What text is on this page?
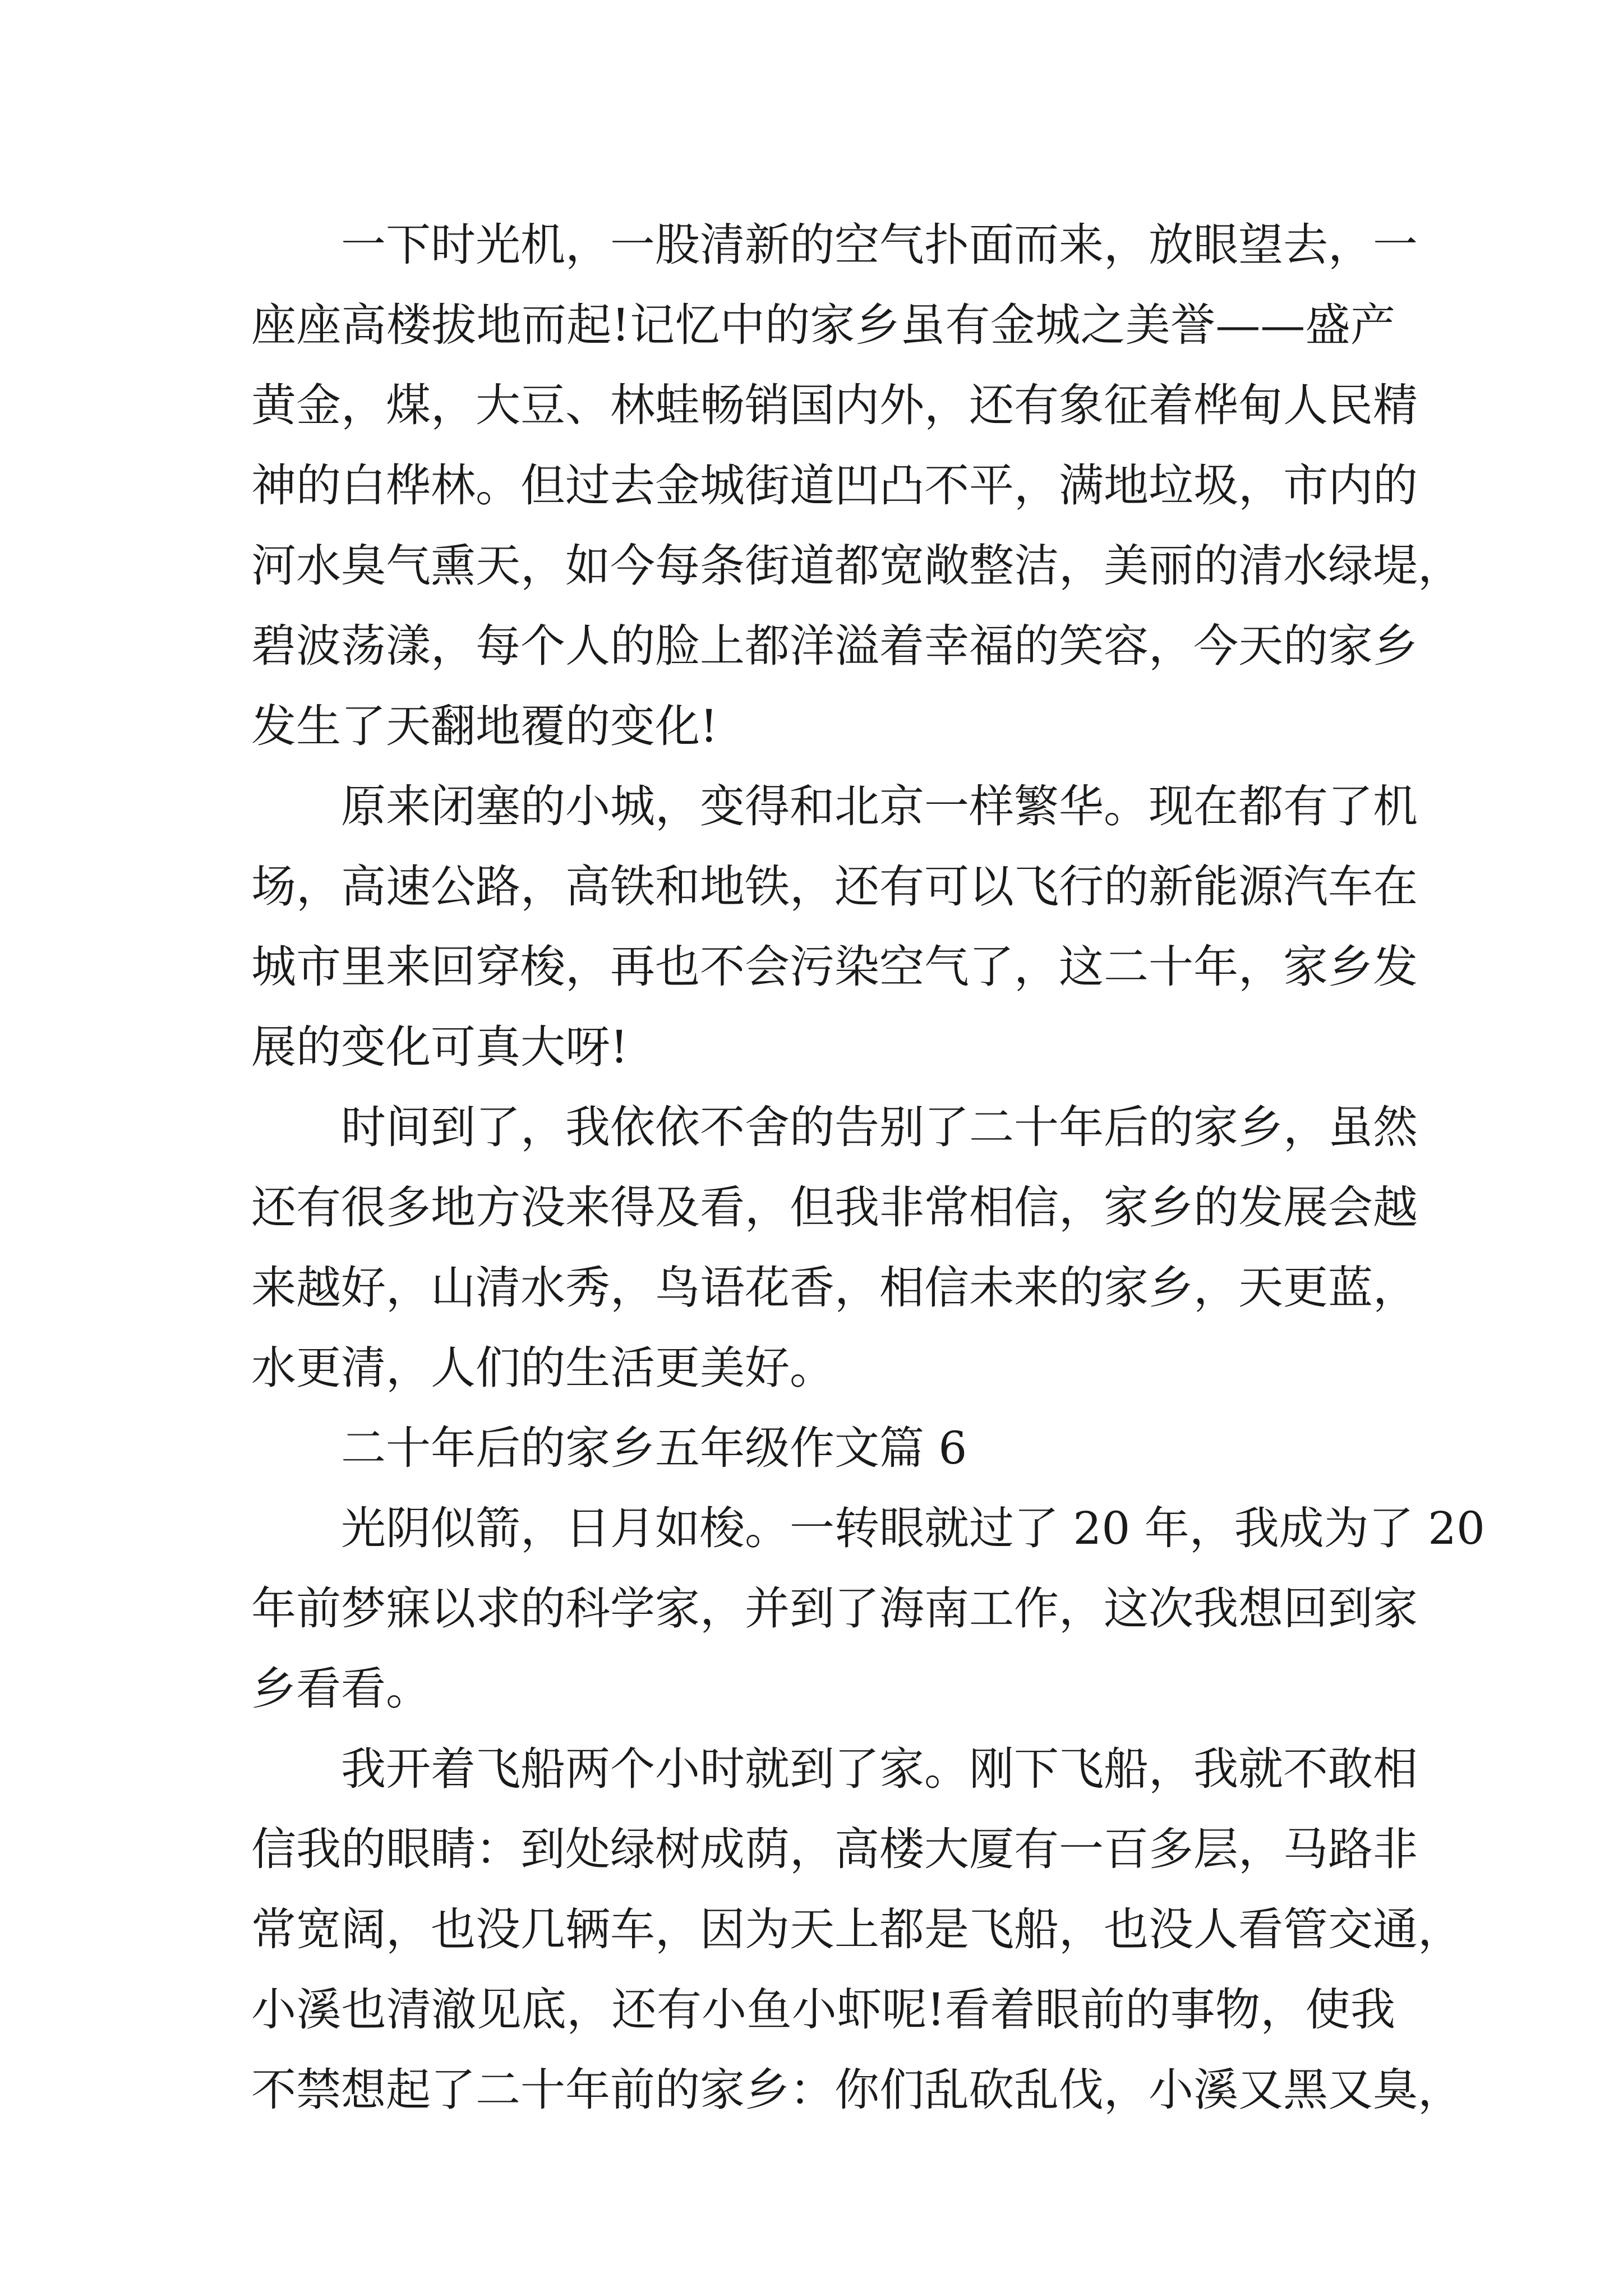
一下时光机，一股清新的空气扑面而来，放眼望去，一
座座高楼拔地而起!记忆中的家乡虽有金城之美誉——盛产
黄金，煤，大豆、林蛙畅销国内外，还有象征着桦甸人民精
神的白桦林。但过去金城街道凹凸不平，满地垃圾，市内的
河水臭气熏天，如今每条街道都宽敞整洁，美丽的清水绿堤，
碧波荡漾，每个人的脸上都洋溢着幸福的笑容，今天的家乡
发生了天翻地覆的变化!
原来闭塞的小城，变得和北京一样繁华。现在都有了机
场，高速公路，高铁和地铁，还有可以飞行的新能源汽车在
城市里来回穿梭，再也不会污染空气了，这二十年，家乡发
展的变化可真大呀!
时间到了，我依依不舍的告别了二十年后的家乡，虽然
还有很多地方没来得及看，但我非常相信，家乡的发展会越
来越好，山清水秀，鸟语花香，相信未来的家乡，天更蓝，
水更清，人们的生活更美好。
二十年后的家乡五年级作文篇 6
光阴似箭，日月如梭。一转眼就过了 20 年，我成为了 20
年前梦寐以求的科学家，并到了海南工作，这次我想回到家
乡看看。
我开着飞船两个小时就到了家。刚下飞船，我就不敢相
信我的眼睛：到处绿树成荫，高楼大厦有一百多层，马路非
常宽阔，也没几辆车，因为天上都是飞船，也没人看管交通，
小溪也清澈见底，还有小鱼小虾呢!看着眼前的事物，使我
不禁想起了二十年前的家乡：你们乱砍乱伐，小溪又黑又臭，
